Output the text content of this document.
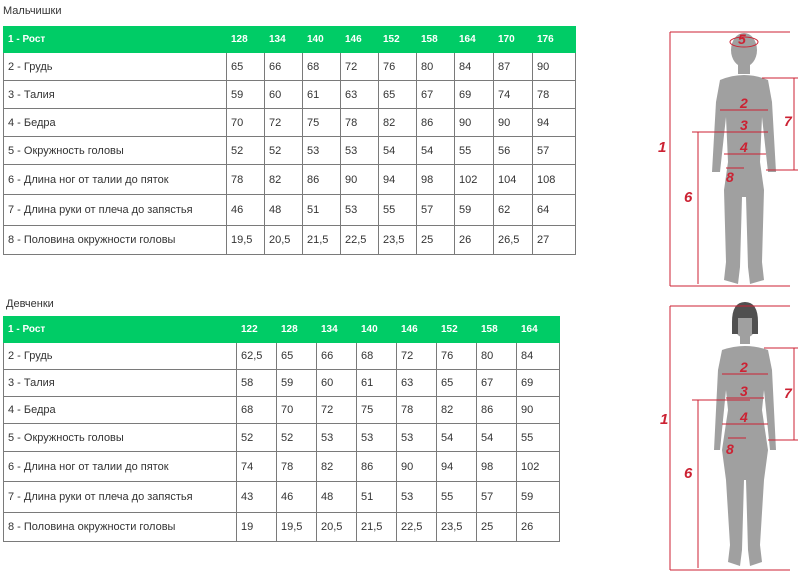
Мальчишки
1 - Рост	128	134	140	146	152	158	164	170	176
2 - Грудь	65	66	68	72	76	80	84	87	90
3 - Талия	59	60	61	63	65	67	69	74	78
4 - Бедра	70	72	75	78	82	86	90	90	94
5 - Окружность головы	52	52	53	53	54	54	55	56	57
6 - Длина ног от талии до пяток	78	82	86	90	94	98	102	104	108
7 - Длина руки от плеча до запястья	46	48	51	53	55	57	59	62	64
8 - Половина окружности головы	19,5	20,5	21,5	22,5	23,5	25	26	26,5	27
Девченки
1 - Рост	122	128	134	140	146	152	158	164
2 - Грудь	62,5	65	66	68	72	76	80	84
3 - Талия	58	59	60	61	63	65	67	69
4 - Бедра	68	70	72	75	78	82	86	90
5 - Окружность головы	52	52	53	53	53	54	54	55
6 - Длина ног от талии до пяток	74	78	82	86	90	94	98	102
7 - Длина руки от плеча до запястья	43	46	48	51	53	55	57	59
8 - Половина окружности головы	19	19,5	20,5	21,5	22,5	23,5	25	26
5
2
7
3
1	4
8
6
2
7
3
1	4
8
6
